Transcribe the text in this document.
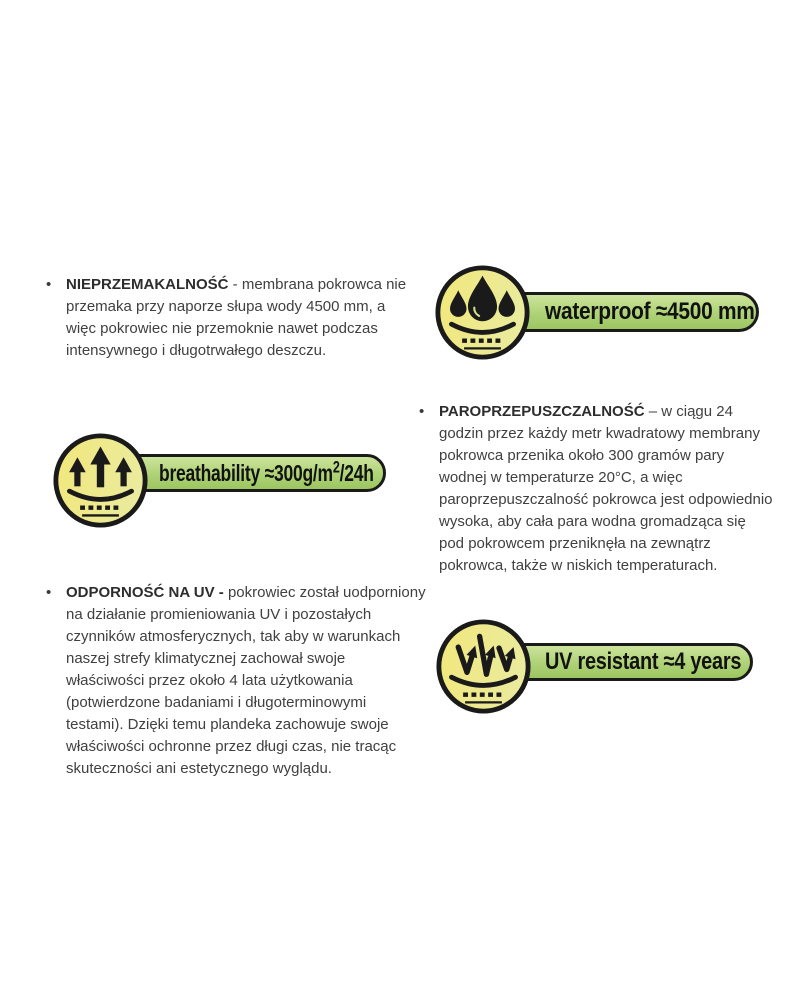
• NIEPRZEMAKALNOŚĆ - membrana pokrowca nie przemaka przy naporze słupa wody 4500 mm, a więc pokrowiec nie przemoknie nawet podczas intensywnego i długotrwałego deszczu.

waterproof ≈4500 mm
• PAROPRZEPUSZCZALNOŚĆ – w ciągu 24 godzin przez każdy metr kwadratowy membrany pokrowca przenika około 300 gramów pary wodnej w temperaturze 20°C, a więc paroprzepuszczalność pokrowca jest odpowiednio wysoka, aby cała para wodna gromadząca się pod pokrowcem przeniknęła na zewnątrz pokrowca, także w niskich temperaturach.

breathability $\approx 300g/m^2/24h$
• ODPORNOŚĆ NA UV - pokrowiec został uodporniony na działanie promieniowania UV i pozostałych czynników atmosferycznych, tak aby w warunkach naszej strefy klimatycznej zachował swoje właściwości przez około 4 lata użytkowania (potwierdzone badaniami i długoterminowymi testami). Dzięki temu plandeka zachowuje swoje właściwości ochronne przez długi czas, nie tracąc skuteczności ani estetycznego wyglądu.

UV resistant ≈4 years
